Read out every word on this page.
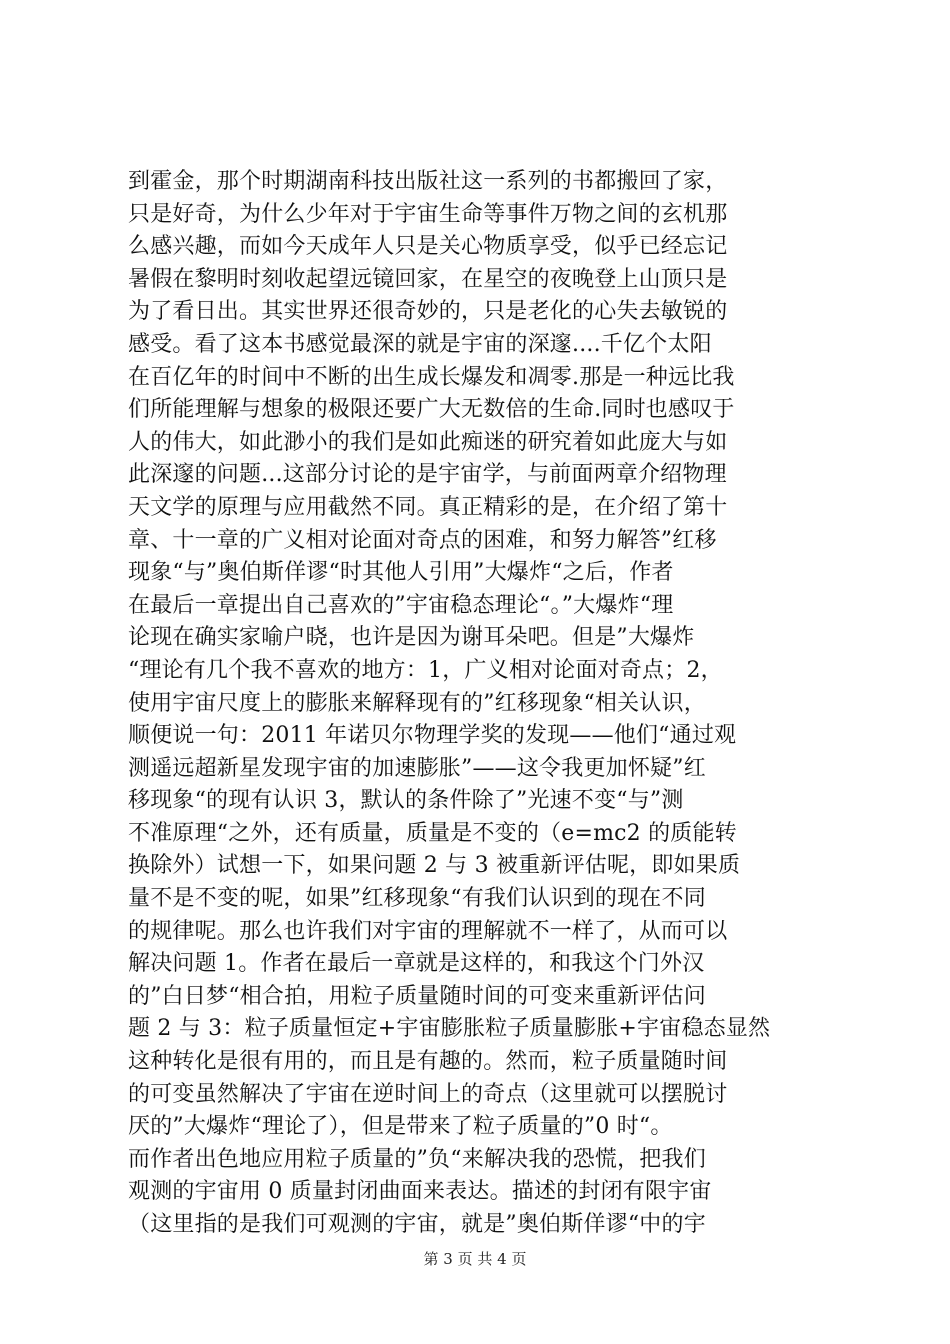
到霍金，那个时期湖南科技出版社这一系列的书都搬回了家，
只是好奇，为什么少年对于宇宙生命等事件万物之间的玄机那
么感兴趣，而如今天成年人只是关心物质享受，似乎已经忘记
暑假在黎明时刻收起望远镜回家，在星空的夜晚登上山顶只是
为了看日出。其实世界还很奇妙的，只是老化的心失去敏锐的
感受。看了这本书感觉最深的就是宇宙的深邃....千亿个太阳
在百亿年的时间中不断的出生成长爆发和凋零.那是一种远比我
们所能理解与想象的极限还要广大无数倍的生命.同时也感叹于
人的伟大，如此渺小的我们是如此痴迷的研究着如此庞大与如
此深邃的问题...这部分讨论的是宇宙学，与前面两章介绍物理
天文学的原理与应用截然不同。真正精彩的是，在介绍了第十
章、十一章的广义相对论面对奇点的困难，和努力解答”红移
现象“与”奥伯斯佯谬“时其他人引用”大爆炸“之后，作者
在最后一章提出自己喜欢的”宇宙稳态理论“。”大爆炸“理
论现在确实家喻户晓，也许是因为谢耳朵吧。但是”大爆炸
“理论有几个我不喜欢的地方：1，广义相对论面对奇点；2，
使用宇宙尺度上的膨胀来解释现有的”红移现象“相关认识，
顺便说一句：2011 年诺贝尔物理学奖的发现——他们“通过观
测遥远超新星发现宇宙的加速膨胀”——这令我更加怀疑”红
移现象“的现有认识 3，默认的条件除了”光速不变“与”测
不准原理“之外，还有质量，质量是不变的（e=mc2 的质能转
换除外）试想一下，如果问题 2 与 3 被重新评估呢，即如果质
量不是不变的呢，如果”红移现象“有我们认识到的现在不同
的规律呢。那么也许我们对宇宙的理解就不一样了，从而可以
解决问题 1。作者在最后一章就是这样的，和我这个门外汉
的”白日梦“相合拍，用粒子质量随时间的可变来重新评估问
题 2 与 3：粒子质量恒定+宇宙膨胀粒子质量膨胀+宇宙稳态显然
这种转化是很有用的，而且是有趣的。然而，粒子质量随时间
的可变虽然解决了宇宙在逆时间上的奇点（这里就可以摆脱讨
厌的”大爆炸“理论了），但是带来了粒子质量的”0 时“。
而作者出色地应用粒子质量的”负“来解决我的恐慌，把我们
观测的宇宙用 0 质量封闭曲面来表达。描述的封闭有限宇宙
（这里指的是我们可观测的宇宙，就是”奥伯斯佯谬“中的宇
第 3 页 共 4 页
